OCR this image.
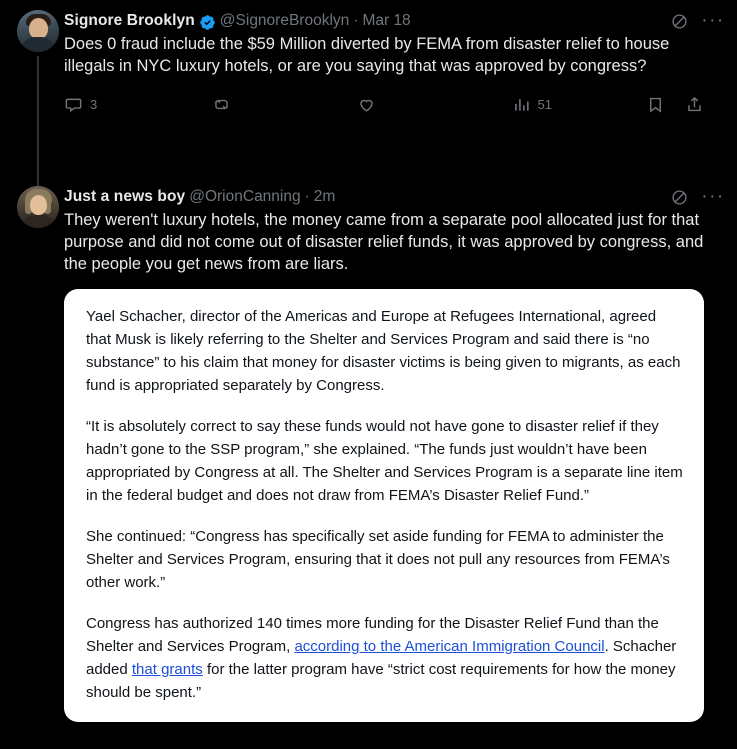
Signore Brooklyn @SignoreBrooklyn · Mar 18	···
Does 0 fraud include the $59 Million diverted by FEMA from disaster relief to house illegals in NYC luxury hotels, or are you saying that was approved by congress?
3	51
Just a news boy @OrionCanning · 2m	···
They weren't luxury hotels, the money came from a separate pool allocated just for that purpose and did not come out of disaster relief funds, it was approved by congress, and the people you get news from are liars.

Yael Schacher, director of the Americas and Europe at Refugees International, agreed that Musk is likely referring to the Shelter and Services Program and said there is “no substance” to his claim that money for disaster victims is being given to migrants, as each fund is appropriated separately by Congress.

“It is absolutely correct to say these funds would not have gone to disaster relief if they hadn’t gone to the SSP program,” she explained. “The funds just wouldn’t have been appropriated by Congress at all. The Shelter and Services Program is a separate line item in the federal budget and does not draw from FEMA’s Disaster Relief Fund.”

She continued: “Congress has specifically set aside funding for FEMA to administer the Shelter and Services Program, ensuring that it does not pull any resources from FEMA’s other work.”

Congress has authorized 140 times more funding for the Disaster Relief Fund than the Shelter and Services Program, according to the American Immigration Council. Schacher added that grants for the latter program have “strict cost requirements for how the money should be spent.”
